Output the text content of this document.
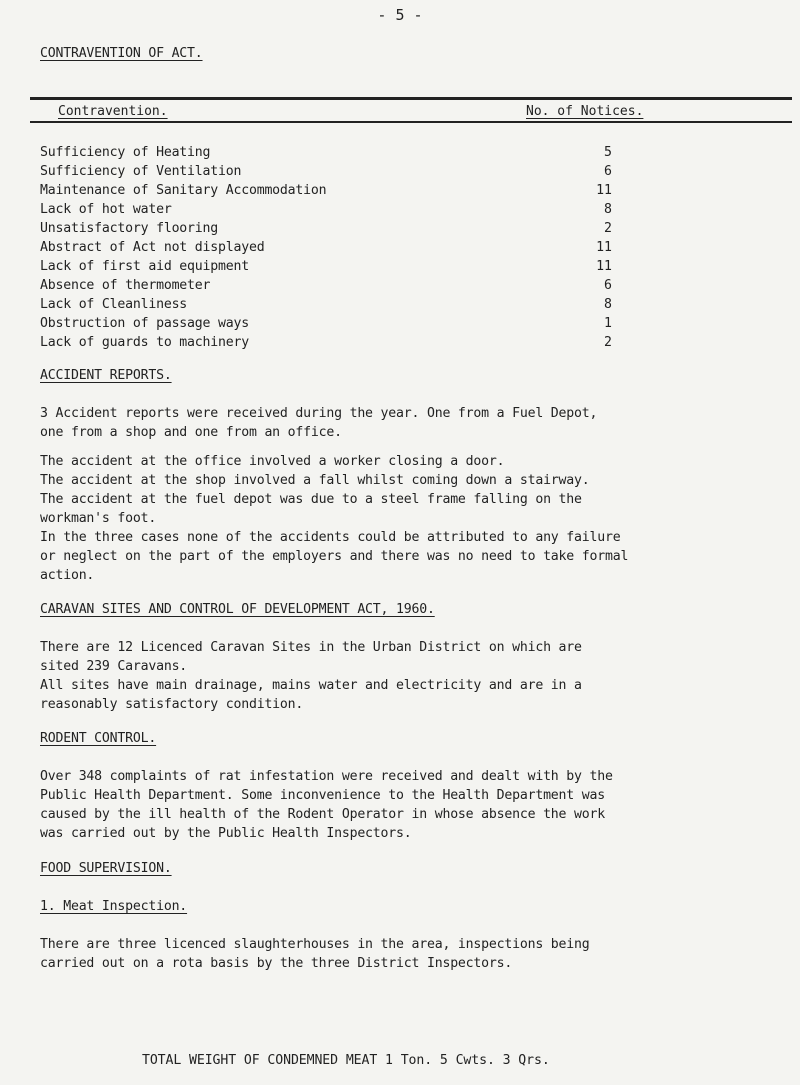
- 5 -
CONTRAVENTION OF ACT.
Contravention.	No. of Notices.
Sufficiency of Heating	5
Sufficiency of Ventilation	6
Maintenance of Sanitary Accommodation	11
Lack of hot water	8
Unsatisfactory flooring	2
Abstract of Act not displayed	11
Lack of first aid equipment	11
Absence of thermometer	6
Lack of Cleanliness	8
Obstruction of passage ways	1
Lack of guards to machinery	2
ACCIDENT REPORTS.
3 Accident reports were received during the year. One from a Fuel Depot,
one from a shop and one from an office.
The accident at the office involved a worker closing a door.
The accident at the shop involved a fall whilst coming down a stairway.
The accident at the fuel depot was due to a steel frame falling on the
workman's foot.
In the three cases none of the accidents could be attributed to any failure
or neglect on the part of the employers and there was no need to take formal
action.
CARAVAN SITES AND CONTROL OF DEVELOPMENT ACT, 1960.
There are 12 Licenced Caravan Sites in the Urban District on which are
sited 239 Caravans.
All sites have main drainage, mains water and electricity and are in a
reasonably satisfactory condition.
RODENT CONTROL.
Over 348 complaints of rat infestation were received and dealt with by the
Public Health Department. Some inconvenience to the Health Department was
caused by the ill health of the Rodent Operator in whose absence the work
was carried out by the Public Health Inspectors.
FOOD SUPERVISION.
1. Meat Inspection.
There are three licenced slaughterhouses in the area, inspections being
carried out on a rota basis by the three District Inspectors.
TOTAL WEIGHT OF CONDEMNED MEAT 1 Ton. 5 Cwts. 3 Qrs.
